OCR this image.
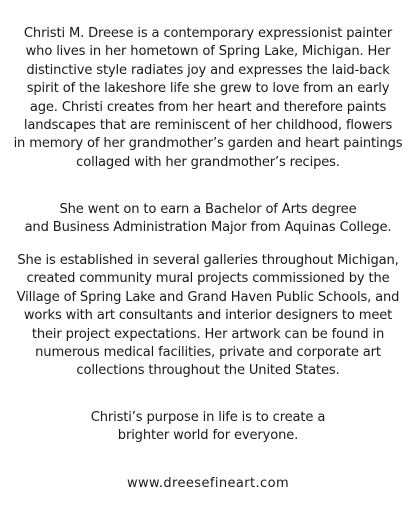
Christi M. Dreese is a contemporary expressionist painter
who lives in her hometown of Spring Lake, Michigan. Her
distinctive style radiates joy and expresses the laid-back
spirit of the lakeshore life she grew to love from an early
age. Christi creates from her heart and therefore paints
landscapes that are reminiscent of her childhood, flowers
in memory of her grandmother’s garden and heart paintings
collaged with her grandmother’s recipes.

She went on to earn a Bachelor of Arts degree
and Business Administration Major from Aquinas College.

She is established in several galleries throughout Michigan,
created community mural projects commissioned by the
Village of Spring Lake and Grand Haven Public Schools, and
works with art consultants and interior designers to meet
their project expectations. Her artwork can be found in
numerous medical facilities, private and corporate art
collections throughout the United States.

Christi’s purpose in life is to create a
brighter world for everyone.

www.dreesefineart.com
